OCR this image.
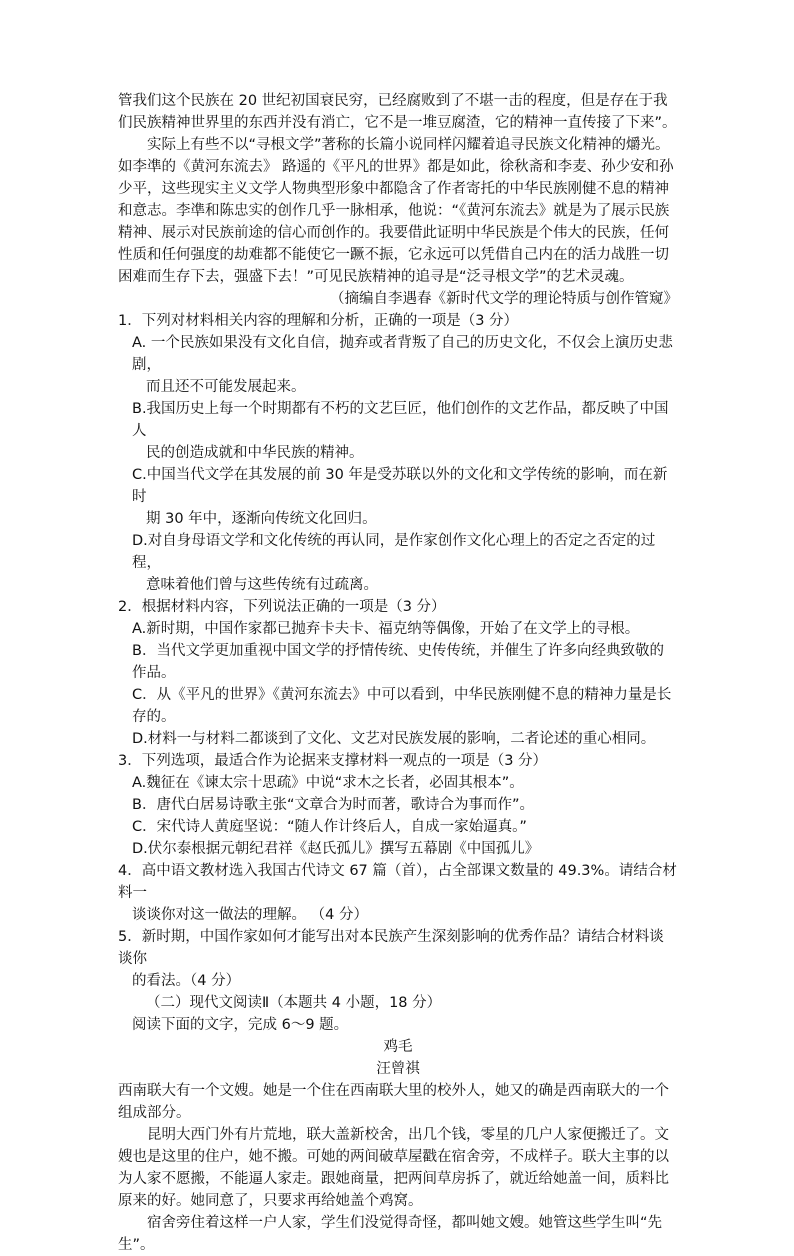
管我们这个民族在 20 世纪初国衰民穷，已经腐败到了不堪一击的程度，但是存在于我们民族精神世界里的东西并没有消亡，它不是一堆豆腐渣，它的精神一直传接了下来”。

实际上有些不以“寻根文学”著称的长篇小说同样闪耀着追寻民族文化精神的爝光。如李凖的《黄河东流去》 路遥的《平凡的世界》都是如此，徐秋斋和李麦、孙少安和孙少平，这些现实主义文学人物典型形象中都隐含了作者寄托的中华民族刚健不息的精神和意志。李凖和陈忠实的创作几乎一脉相承，他说：“《黄河东流去》就是为了展示民族精神、展示对民族前途的信心而创作的。我要借此证明中华民族是个伟大的民族，任何性质和任何强度的劫难都不能使它一蹶不振，它永远可以凭借自己内在的活力战胜一切困难而生存下去，强盛下去！”可见民族精神的追寻是“泛寻根文学”的艺术灵魂。

（摘编自李遇春《新时代文学的理论特质与创作管窥》

1．下列对材料相关内容的理解和分析，正确的一项是（3 分）

A. 一个民族如果没有文化自信，抛弃或者背叛了自己的历史文化，不仅会上演历史悲剧，
而且还不可能发展起来。
B.我国历史上每一个时期都有不朽的文艺巨匠，他们创作的文艺作品，都反映了中国人
民的创造成就和中华民族的精神。
C.中国当代文学在其发展的前 30 年是受苏联以外的文化和文学传统的影响，而在新时
期 30 年中，逐渐向传统文化回归。
D.对自身母语文学和文化传统的再认同，是作家创作文化心理上的否定之否定的过程，
意味着他们曾与这些传统有过疏离。

2．根据材料内容，下列说法正确的一项是（3 分）

A.新时期，中国作家都已抛弃卡夫卡、福克纳等偶像，开始了在文学上的寻根。
B．当代文学更加重视中国文学的抒情传统、史传传统，并催生了许多向经典致敬的作品。
C．从《平凡的世界》《黄河东流去》中可以看到，中华民族刚健不息的精神力量是长存的。
D.材料一与材料二都谈到了文化、文艺对民族发展的影响，二者论述的重心相同。

3．下列选项，最适合作为论据来支撑材料一观点的一项是（3 分）

A.魏征在《谏太宗十思疏》中说“求木之长者，必固其根本”。
B．唐代白居易诗歌主张“文章合为时而著，歌诗合为事而作”。
C．宋代诗人黄庭坚说：“随人作计终后人，自成一家始逼真。”
D.伏尔泰根据元朝纪君祥《赵氏孤儿》撰写五幕剧《中国孤儿》
4．高中语文教材选入我国古代诗文 67 篇（首），占全部课文数量的 49.3%。请结合材料一
谈谈你对这一做法的理解。 （4 分）
5．新时期，中国作家如何才能写出对本民族产生深刻影响的优秀作品？请结合材料谈谈你
的看法。（4 分）
（二）现代文阅读Ⅱ（本题共 4 小题，18 分）
阅读下面的文字，完成 6～9 题。
鸡毛
汪曾祺

西南联大有一个文嫂。她是一个住在西南联大里的校外人，她又的确是西南联大的一个组成部分。

昆明大西门外有片荒地，联大盖新校舍，出几个钱，零星的几户人家便搬迁了。文嫂也是这里的住户，她不搬。可她的两间破草屋戳在宿舍旁，不成样子。联大主事的以为人家不愿搬，不能逼人家走。跟她商量，把两间草房拆了，就近给她盖一间，质料比原来的好。她同意了，只要求再给她盖个鸡窝。

宿舍旁住着这样一户人家，学生们没觉得奇怪，都叫她文嫂。她管这些学生叫“先生”。
